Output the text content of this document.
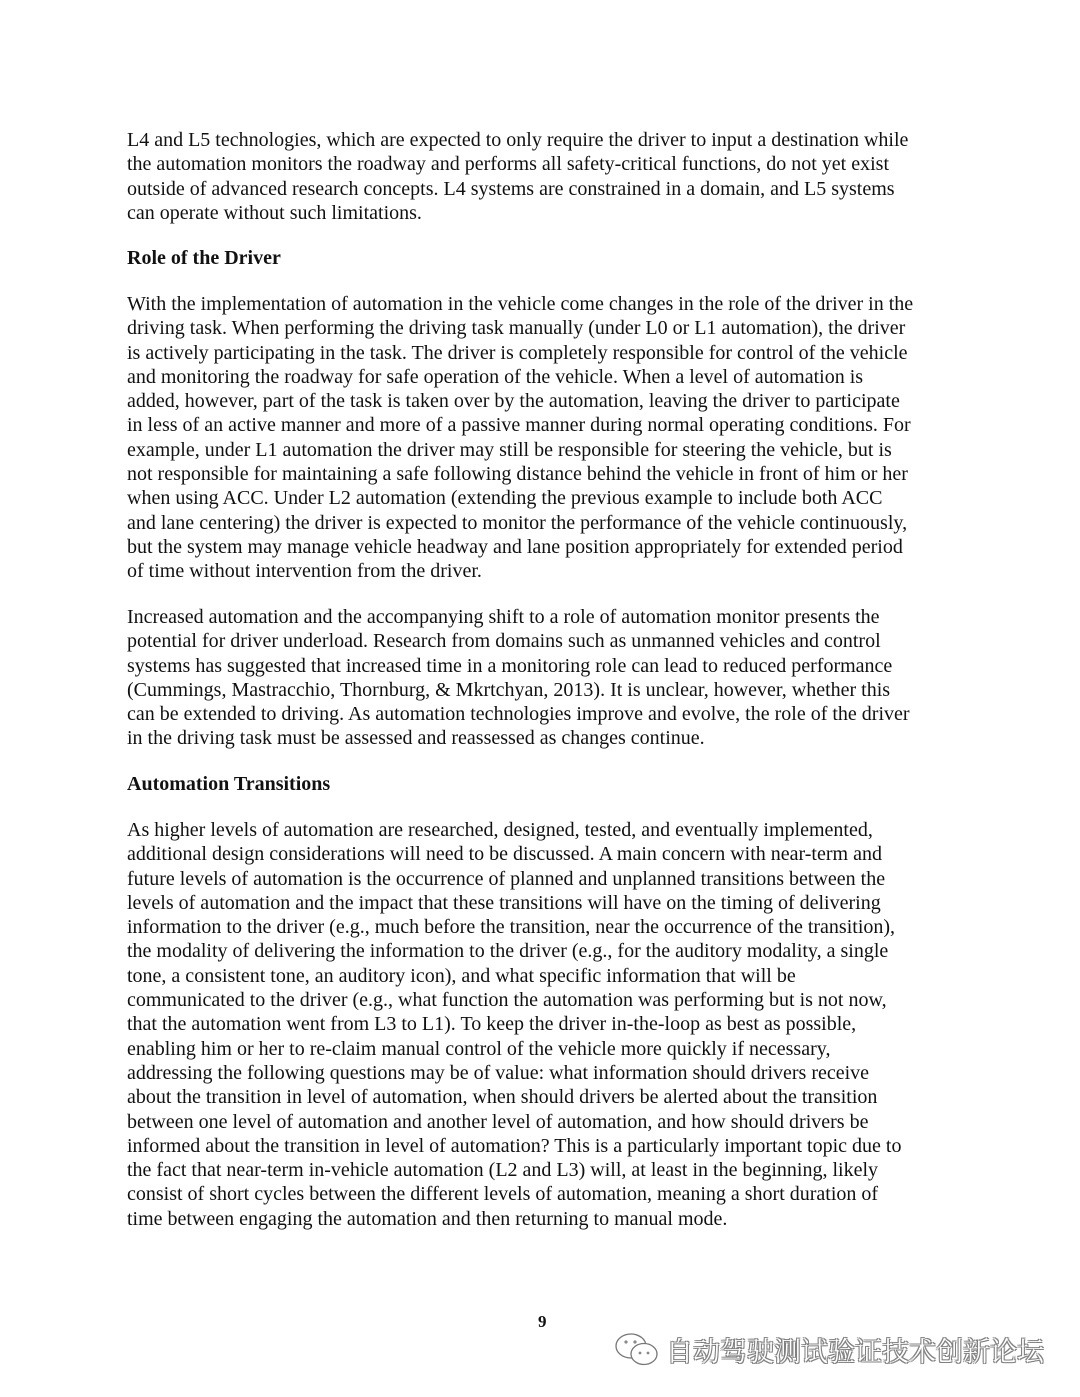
L4 and L5 technologies, which are expected to only require the driver to input a destination while
the automation monitors the roadway and performs all safety-critical functions, do not yet exist
outside of advanced research concepts. L4 systems are constrained in a domain, and L5 systems
can operate without such limitations.
Role of the Driver
With the implementation of automation in the vehicle come changes in the role of the driver in the
driving task. When performing the driving task manually (under L0 or L1 automation), the driver
is actively participating in the task. The driver is completely responsible for control of the vehicle
and monitoring the roadway for safe operation of the vehicle. When a level of automation is
added, however, part of the task is taken over by the automation, leaving the driver to participate
in less of an active manner and more of a passive manner during normal operating conditions. For
example, under L1 automation the driver may still be responsible for steering the vehicle, but is
not responsible for maintaining a safe following distance behind the vehicle in front of him or her
when using ACC. Under L2 automation (extending the previous example to include both ACC
and lane centering) the driver is expected to monitor the performance of the vehicle continuously,
but the system may manage vehicle headway and lane position appropriately for extended period
of time without intervention from the driver.
Increased automation and the accompanying shift to a role of automation monitor presents the
potential for driver underload. Research from domains such as unmanned vehicles and control
systems has suggested that increased time in a monitoring role can lead to reduced performance
(Cummings, Mastracchio, Thornburg, & Mkrtchyan, 2013). It is unclear, however, whether this
can be extended to driving. As automation technologies improve and evolve, the role of the driver
in the driving task must be assessed and reassessed as changes continue.
Automation Transitions
As higher levels of automation are researched, designed, tested, and eventually implemented,
additional design considerations will need to be discussed. A main concern with near-term and
future levels of automation is the occurrence of planned and unplanned transitions between the
levels of automation and the impact that these transitions will have on the timing of delivering
information to the driver (e.g., much before the transition, near the occurrence of the transition),
the modality of delivering the information to the driver (e.g., for the auditory modality, a single
tone, a consistent tone, an auditory icon), and what specific information that will be
communicated to the driver (e.g., what function the automation was performing but is not now,
that the automation went from L3 to L1). To keep the driver in-the-loop as best as possible,
enabling him or her to re-claim manual control of the vehicle more quickly if necessary,
addressing the following questions may be of value: what information should drivers receive
about the transition in level of automation, when should drivers be alerted about the transition
between one level of automation and another level of automation, and how should drivers be
informed about the transition in level of automation? This is a particularly important topic due to
the fact that near-term in-vehicle automation (L2 and L3) will, at least in the beginning, likely
consist of short cycles between the different levels of automation, meaning a short duration of
time between engaging the automation and then returning to manual mode.
9
自动驾驶测试验证技术创新论坛
